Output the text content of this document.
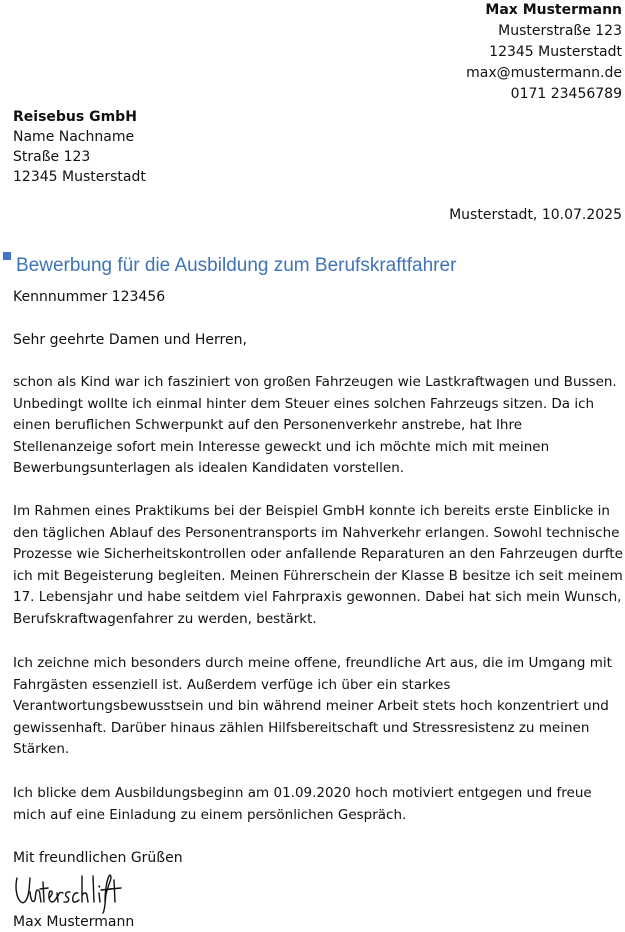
Max Mustermann
Musterstraße 123
12345 Musterstadt
max@mustermann.de
0171 23456789
Reisebus GmbH
Name Nachname
Straße 123
12345 Musterstadt
Musterstadt, 10.07.2025
Bewerbung für die Ausbildung zum Berufskraftfahrer
Kennnummer 123456
Sehr geehrte Damen und Herren,
schon als Kind war ich fasziniert von großen Fahrzeugen wie Lastkraftwagen und Bussen. Unbedingt wollte ich einmal hinter dem Steuer eines solchen Fahrzeugs sitzen. Da ich einen beruflichen Schwerpunkt auf den Personenverkehr anstrebe, hat Ihre Stellenanzeige sofort mein Interesse geweckt und ich möchte mich mit meinen Bewerbungsunterlagen als idealen Kandidaten vorstellen.
Im Rahmen eines Praktikums bei der Beispiel GmbH konnte ich bereits erste Einblicke in den täglichen Ablauf des Personentransports im Nahverkehr erlangen. Sowohl technische Prozesse wie Sicherheitskontrollen oder anfallende Reparaturen an den Fahrzeugen durfte ich mit Begeisterung begleiten. Meinen Führerschein der Klasse B besitze ich seit meinem 17. Lebensjahr und habe seitdem viel Fahrpraxis gewonnen. Dabei hat sich mein Wunsch, Berufskraftwagenfahrer zu werden, bestärkt.
Ich zeichne mich besonders durch meine offene, freundliche Art aus, die im Umgang mit Fahrgästen essenziell ist. Außerdem verfüge ich über ein starkes Verantwortungsbewusstsein und bin während meiner Arbeit stets hoch konzentriert und gewissenhaft. Darüber hinaus zählen Hilfsbereitschaft und Stressresistenz zu meinen Stärken.
Ich blicke dem Ausbildungsbeginn am 01.09.2020 hoch motiviert entgegen und freue mich auf eine Einladung zu einem persönlichen Gespräch.
Mit freundlichen Grüßen
Max Mustermann
